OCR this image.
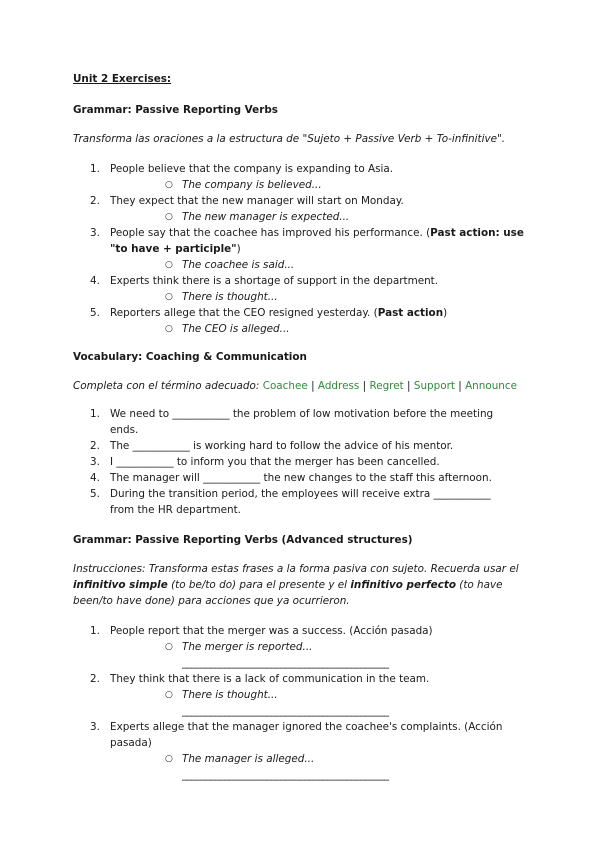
Unit 2 Exercises:
Grammar: Passive Reporting Verbs
Transforma las oraciones a la estructura de "Sujeto + Passive Verb + To-infinitive".
1. People believe that the company is expanding to Asia.
○ The company is believed...
2. They expect that the new manager will start on Monday.
○ The new manager is expected...
3. People say that the coachee has improved his performance. (Past action: use "to have + participle")
○ The coachee is said...
4. Experts think there is a shortage of support in the department.
○ There is thought...
5. Reporters allege that the CEO resigned yesterday. (Past action)
○ The CEO is alleged...
Vocabulary: Coaching & Communication
Completa con el término adecuado: Coachee | Address | Regret | Support | Announce
1. We need to ___________ the problem of low motivation before the meeting ends.
2. The ___________ is working hard to follow the advice of his mentor.
3. I ___________ to inform you that the merger has been cancelled.
4. The manager will ___________ the new changes to the staff this afternoon.
5. During the transition period, the employees will receive extra ___________ from the HR department.
Grammar: Passive Reporting Verbs (Advanced structures)
Instrucciones: Transforma estas frases a la forma pasiva con sujeto. Recuerda usar el infinitivo simple (to be/to do) para el presente y el infinitivo perfecto (to have been/to have done) para acciones que ya ocurrieron.
1. People report that the merger was a success. (Acción pasada)
○ The merger is reported...
____________________________________________
2. They think that there is a lack of communication in the team.
○ There is thought...
____________________________________________
3. Experts allege that the manager ignored the coachee's complaints. (Acción pasada)
○ The manager is alleged...
____________________________________________
